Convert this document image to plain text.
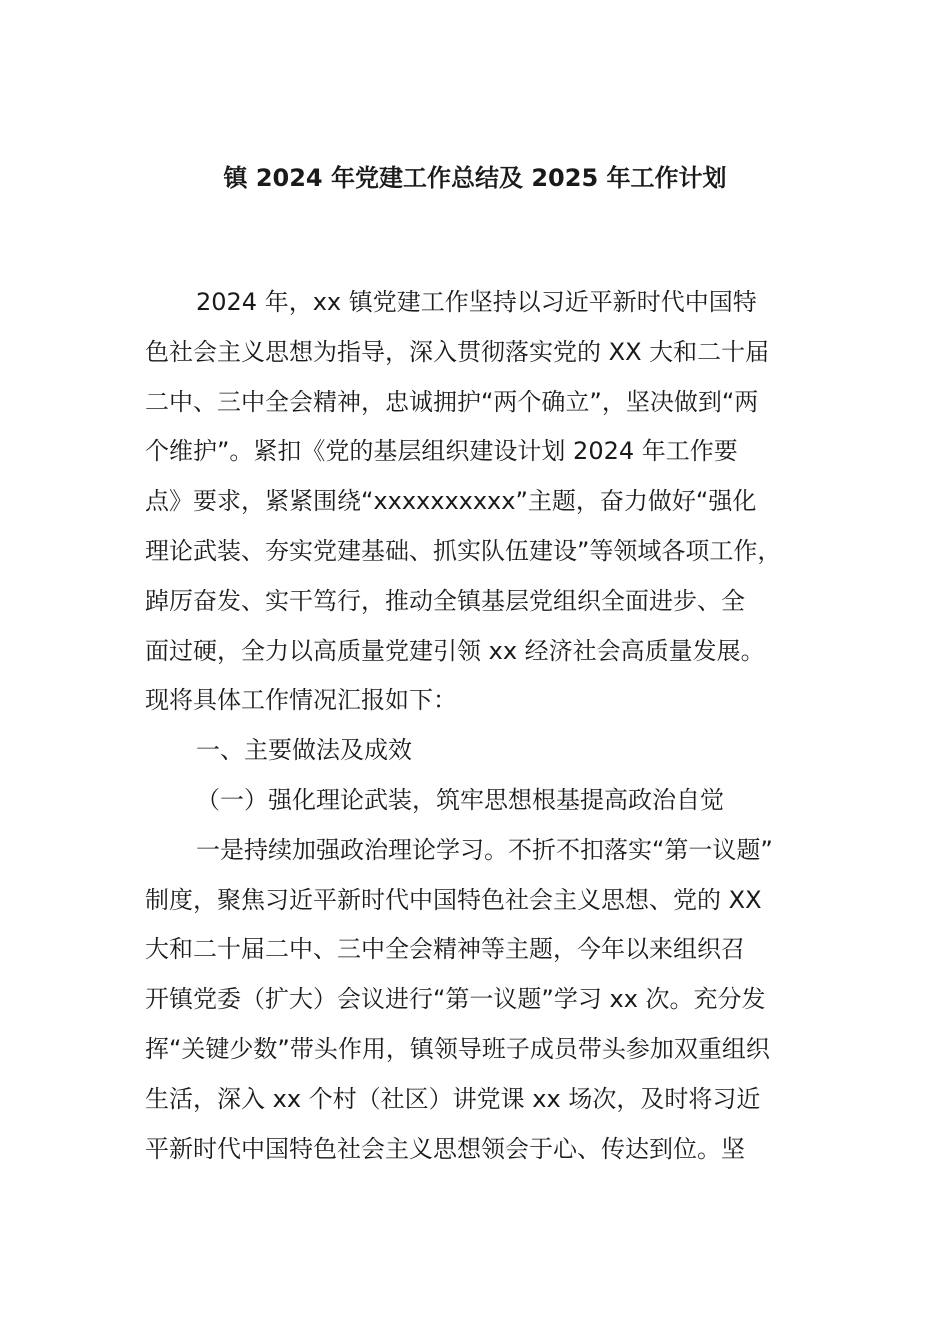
镇 2024 年党建工作总结及 2025 年工作计划
2024 年，xx 镇党建工作坚持以习近平新时代中国特
色社会主义思想为指导，深入贯彻落实党的 XX 大和二十届
二中、三中全会精神，忠诚拥护“两个确立”，坚决做到“两
个维护”。紧扣《党的基层组织建设计划 2024 年工作要
点》要求，紧紧围绕“xxxxxxxxxx”主题，奋力做好“强化
理论武装、夯实党建基础、抓实队伍建设”等领域各项工作，
踔厉奋发、实干笃行，推动全镇基层党组织全面进步、全
面过硬，全力以高质量党建引领 xx 经济社会高质量发展。
现将具体工作情况汇报如下：
一、主要做法及成效
（一）强化理论武装，筑牢思想根基提高政治自觉
一是持续加强政治理论学习。不折不扣落实“第一议题”
制度，聚焦习近平新时代中国特色社会主义思想、党的 XX
大和二十届二中、三中全会精神等主题，今年以来组织召
开镇党委（扩大）会议进行“第一议题”学习 xx 次。充分发
挥“关键少数”带头作用，镇领导班子成员带头参加双重组织
生活，深入 xx 个村（社区）讲党课 xx 场次，及时将习近
平新时代中国特色社会主义思想领会于心、传达到位。坚
